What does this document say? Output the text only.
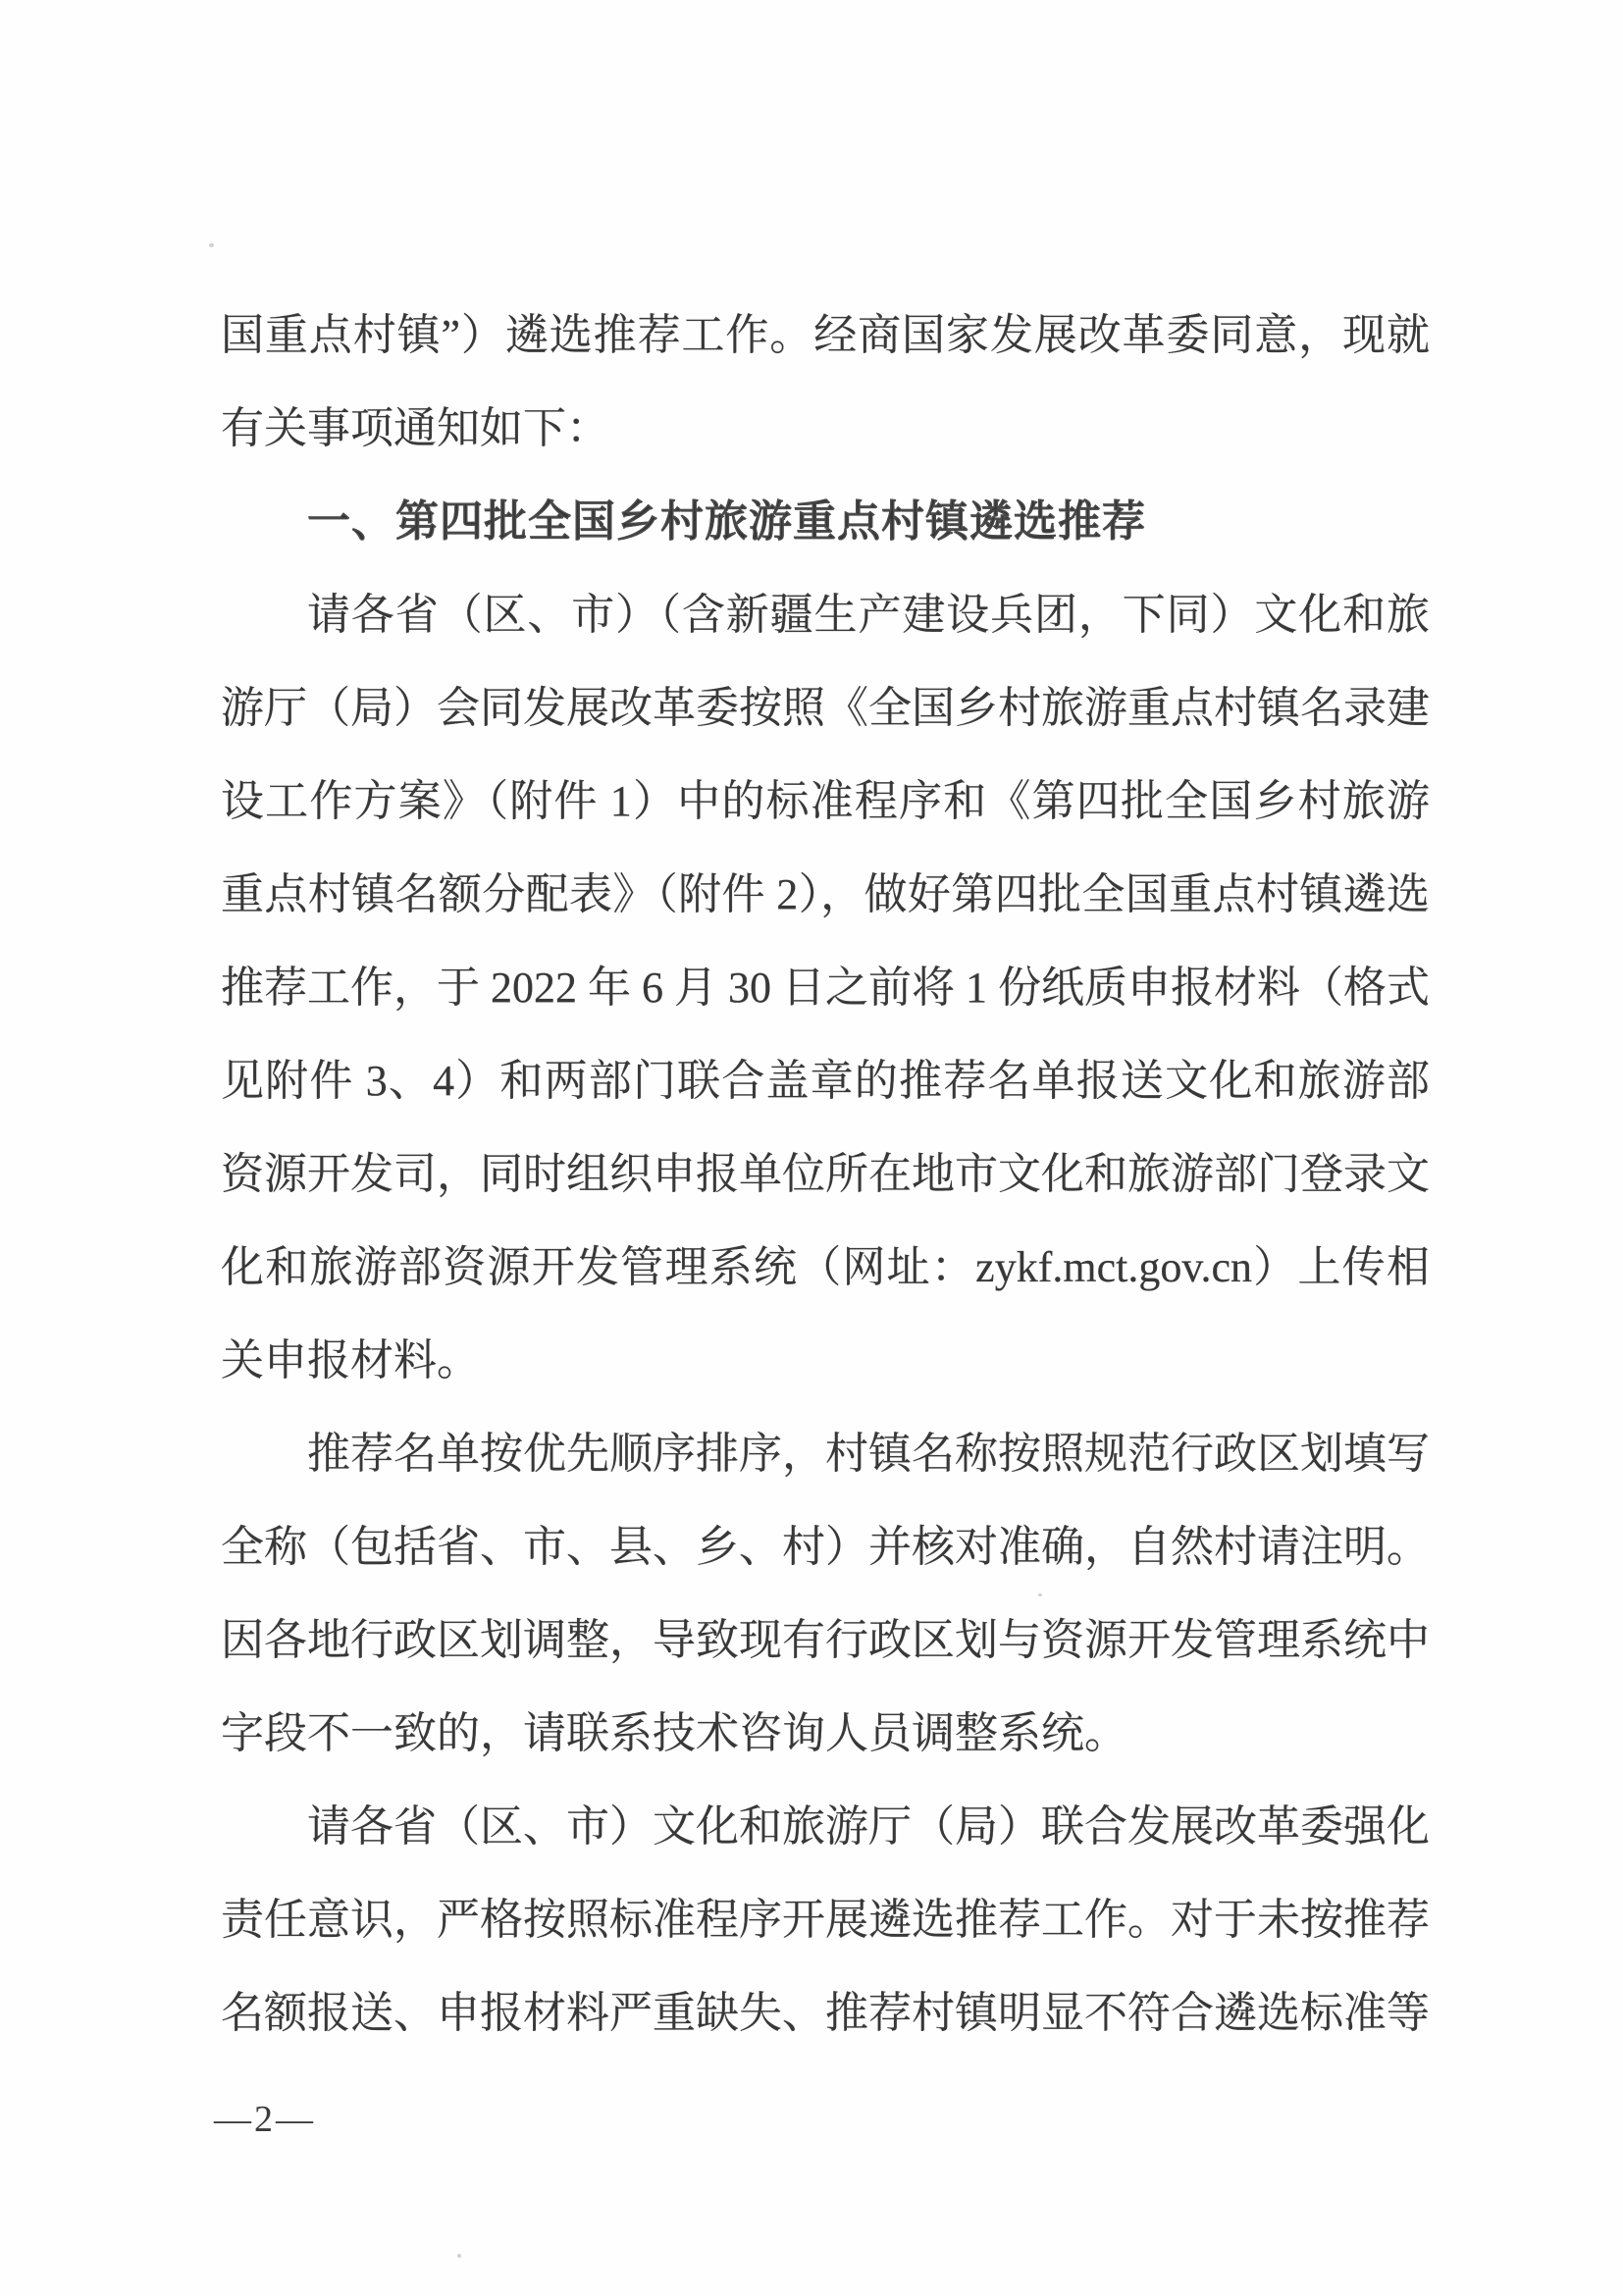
国重点村镇”）遴选推荐工作。经商国家发展改革委同意，现就有关事项通知如下：

一、第四批全国乡村旅游重点村镇遴选推荐

请各省（区、市）（含新疆生产建设兵团，下同）文化和旅游厅（局）会同发展改革委按照《全国乡村旅游重点村镇名录建设工作方案》（附件 1）中的标准程序和《第四批全国乡村旅游重点村镇名额分配表》（附件 2），做好第四批全国重点村镇遴选推荐工作，于 2022 年 6 月 30 日之前将 1 份纸质申报材料（格式见附件 3、4）和两部门联合盖章的推荐名单报送文化和旅游部资源开发司，同时组织申报单位所在地市文化和旅游部门登录文化和旅游部资源开发管理系统（网址：zykf.mct.gov.cn）上传相关申报材料。

推荐名单按优先顺序排序，村镇名称按照规范行政区划填写全称（包括省、市、县、乡、村）并核对准确，自然村请注明。因各地行政区划调整，导致现有行政区划与资源开发管理系统中字段不一致的，请联系技术咨询人员调整系统。

请各省（区、市）文化和旅游厅（局）联合发展改革委强化责任意识，严格按照标准程序开展遴选推荐工作。对于未按推荐名额报送、申报材料严重缺失、推荐村镇明显不符合遴选标准等

—2—
